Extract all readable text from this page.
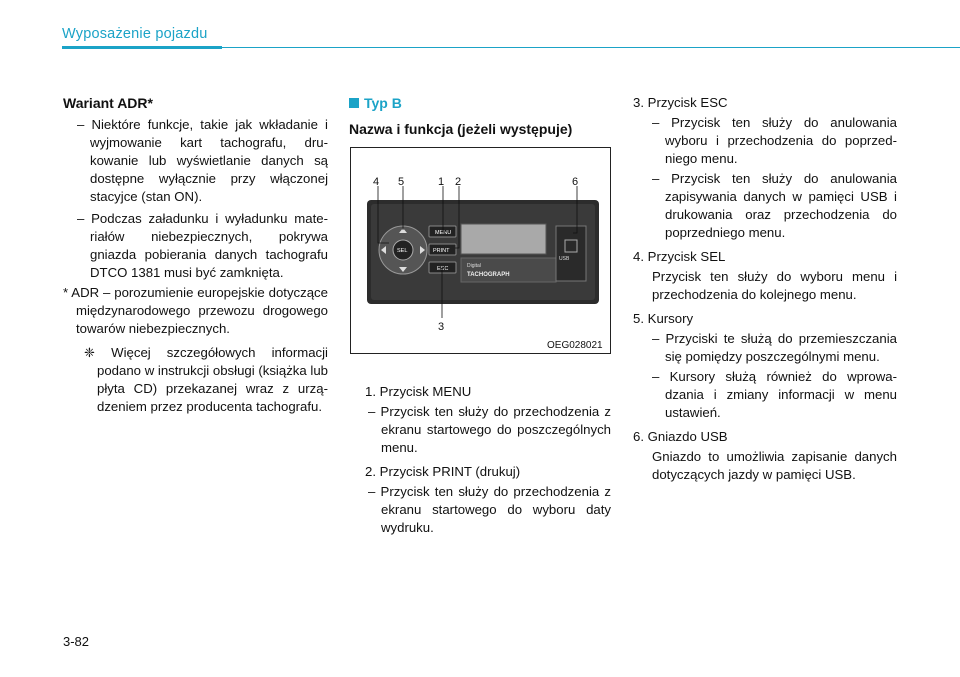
Wyposażenie pojazdu

Wariant ADR*

– Niektóre funkcje, takie jak wkładanie i wyjmowanie kart tachografu, drukowanie lub wyświetlanie danych są dostępne wyłącznie przy włączonej stacyjce (stan ON).

– Podczas załadunku i wyładunku materiałów niebezpiecznych, pokrywa gniazda pobierania danych tachografu DTCO 1381 musi być zamknięta.

* ADR – porozumienie europejskie dotyczące międzynarodowego przewozu drogowego towarów niebezpiecznych.

❈ Więcej szczegółowych informacji podano w instrukcji obsługi (książka lub płyta CD) przekazanej wraz z urządzeniem przez producenta tachografu.

Typ B

Nazwa i funkcja (jeżeli występuje)

Digital
TACHOGRAPH
MENU
PRINT
ESC
SEL
USB
4 5	1 2	6
3
OEG028021

1. Przycisk MENU

– Przycisk ten służy do przechodzenia z ekranu startowego do poszczególnych menu.

2. Przycisk PRINT (drukuj)

– Przycisk ten służy do przechodzenia z ekranu startowego do wyboru daty wydruku.

3. Przycisk ESC

– Przycisk ten służy do anulowania wyboru i przechodzenia do poprzedniego menu.

– Przycisk ten służy do anulowania zapisywania danych w pamięci USB i drukowania oraz przechodzenia do poprzedniego menu.

4. Przycisk SEL

Przycisk ten służy do wyboru menu i przechodzenia do kolejnego menu.

5. Kursory

– Przyciski te służą do przemieszczania się pomiędzy poszczególnymi menu.

– Kursory służą również do wprowadzania i zmiany informacji w menu ustawień.

6. Gniazdo USB

Gniazdo to umożliwia zapisanie danych dotyczących jazdy w pamięci USB.

3-82
